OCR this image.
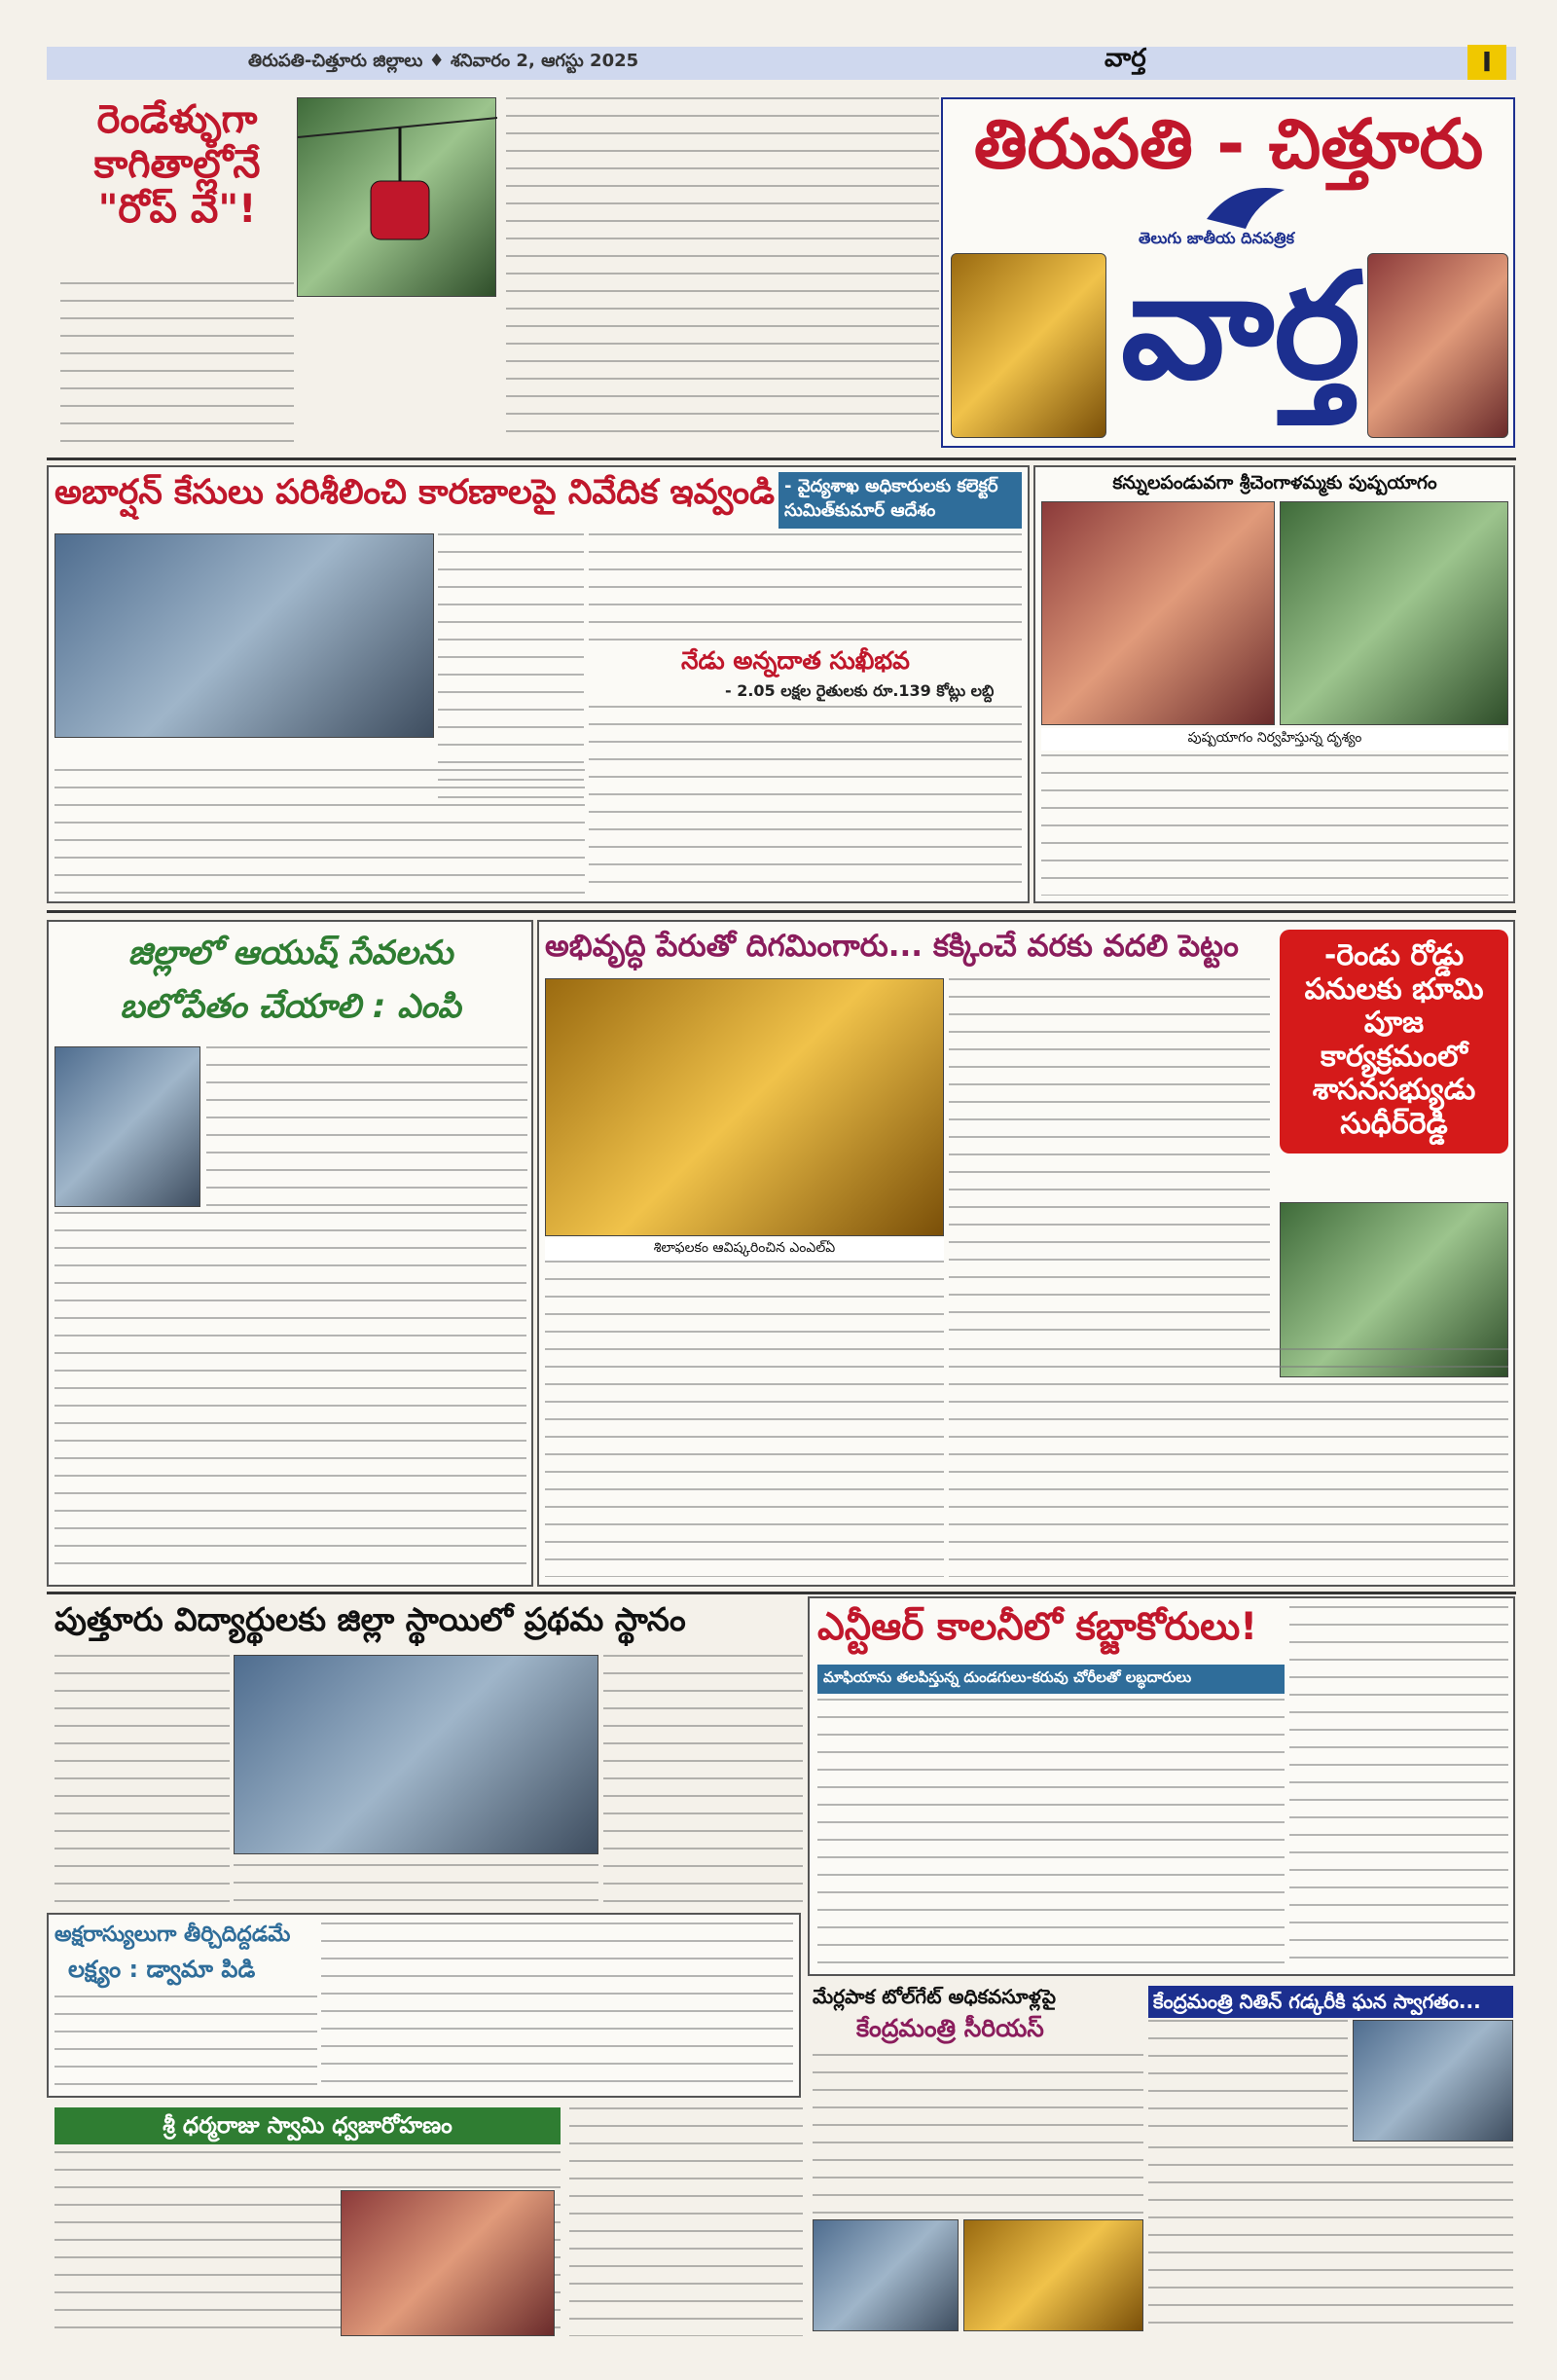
తిరుపతి-చిత్తూరు జిల్లాలు ♦ శనివారం 2, ఆగస్టు 2025	వార్త	I
రెండేళ్ళుగా కాగితాల్లోనే "రోప్ వే"!
తిరుపతి - చిత్తూరు
తెలుగు జాతీయ దినపత్రిక
వార్త
అబార్షన్ కేసులు పరిశీలించి కారణాలపై నివేదిక ఇవ్వండి - వైద్యశాఖ అధికారులకు కలెక్టర్ సుమిత్‌కుమార్ ఆదేశం
నేడు అన్నదాత సుఖీభవ
- 2.05 లక్షల రైతులకు రూ.139 కోట్లు లబ్ది
కన్నులపండువగా శ్రీచెంగాళమ్మకు పుష్పయాగం
పుష్పయాగం నిర్వహిస్తున్న దృశ్యం
జిల్లాలో ఆయుష్ సేవలను
బలోపేతం చేయాలి : ఎంపి
అభివృద్ధి పేరుతో దిగమింగారు... కక్కించే వరకు వదలి పెట్టం	-రెండు రోడ్డు పనులకు భూమి పూజ కార్యక్రమంలో శాసనసభ్యుడు సుధీర్‌రెడ్డి
శిలాఫలకం ఆవిష్కరించిన ఎంఎల్ఏ
పుత్తూరు విద్యార్థులకు జిల్లా స్థాయిలో ప్రథమ స్థానం	ఎన్టీఆర్ కాలనీలో కబ్జాకోరులు!
మాఫియాను తలపిస్తున్న దుండగులు-కరువు చోరీలతో లబ్ధదారులు
అక్షరాస్యులుగా తీర్చిదిద్దడమే
లక్ష్యం : డ్వామా పిడి
శ్రీ ధర్మరాజు స్వామి ధ్వజారోహణం
మేర్లపాక టోల్‌గేట్ అధికవసూళ్లపై
కేంద్రమంత్రి సీరియస్
కేంద్రమంత్రి నితిన్ గడ్కరీకి ఘన స్వాగతం...
